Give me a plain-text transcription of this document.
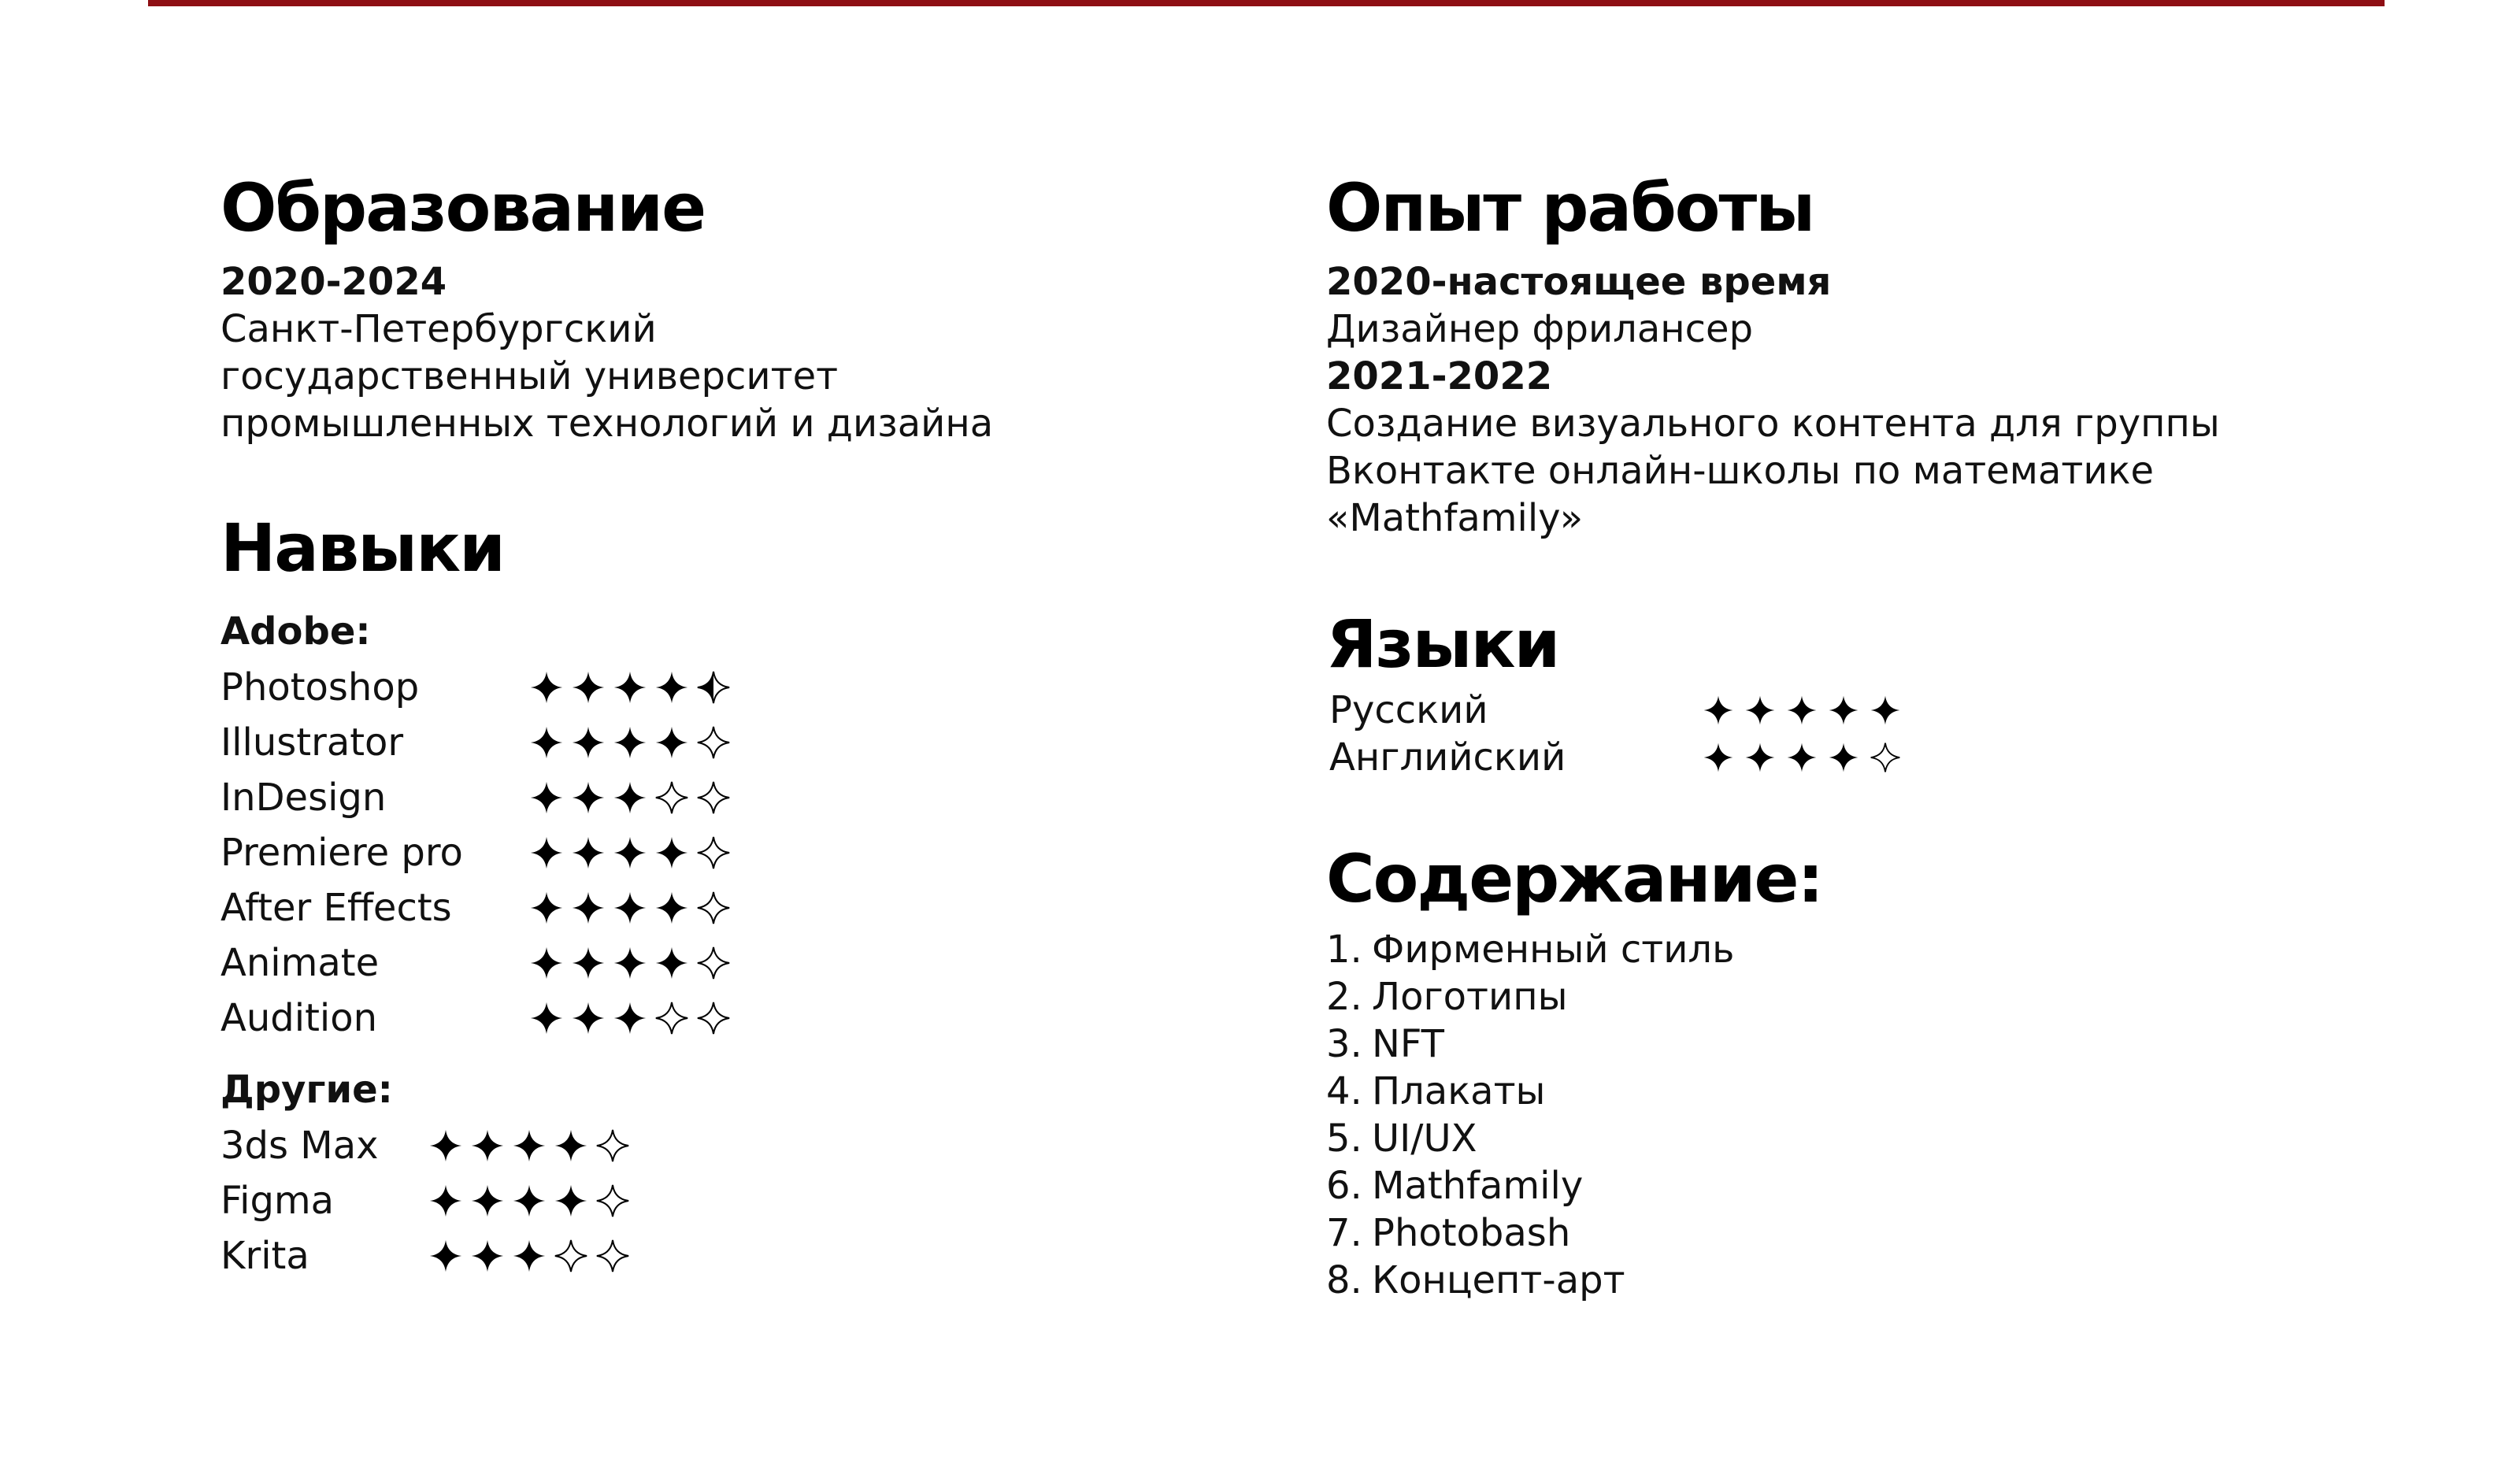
Образование
2020-2024
Санкт-Петербургский
государственный университет
промышленных технологий и дизайна
Навыки
Adobe:
Photoshop
Illustrator
InDesign
Premiere pro
After Effects
Animate
Audition
Другие:
3ds Max
Figma
Krita
Опыт работы
2020-настоящее время
Дизайнер фрилансер
2021-2022
Создание визуального контента для группы
Вконтакте онлайн-школы по математике
«Mathfamily»
Языки
Русский
Английский
Содержание:
1. Фирменный стиль
2. Логотипы
3. NFT
4. Плакаты
5. UI/UX
6. Mathfamily
7. Photobash
8. Концепт-арт
